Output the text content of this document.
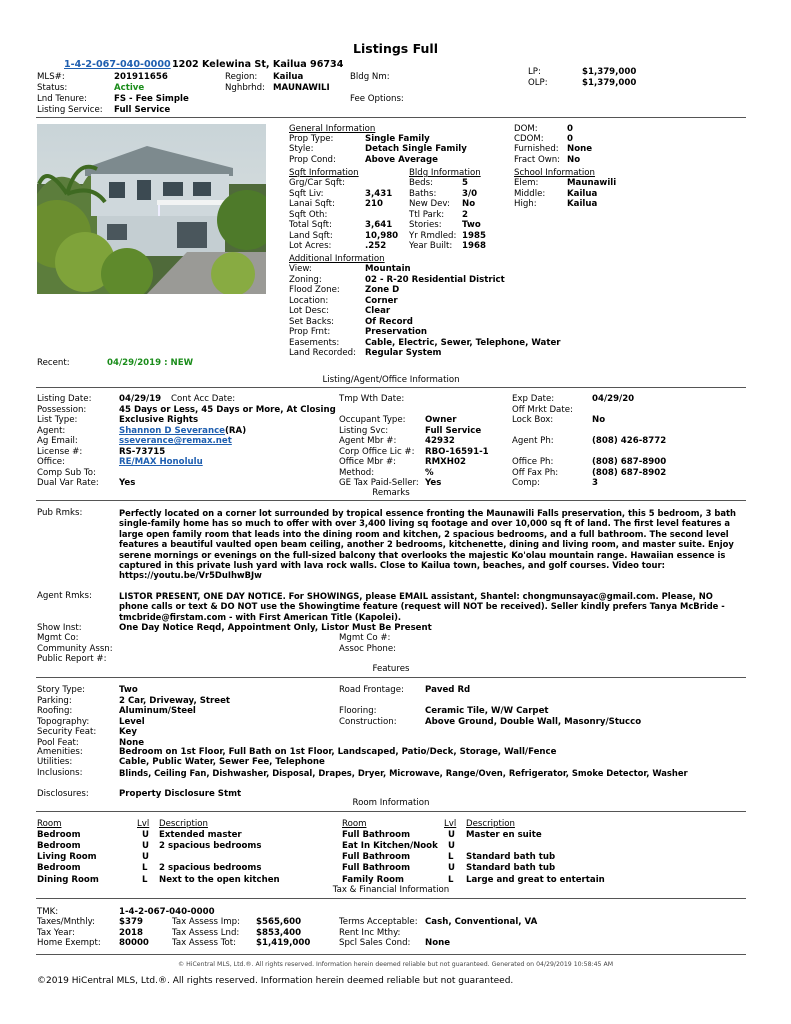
Listings Full
1-4-2-067-040-0000 1202 Kelewina St, Kailua 96734
MLS#:	201911656
Status:	Active
Lnd Tenure:	FS - Fee Simple
Listing Service: Full Service
Region: Kailua
Nghbrhd: MAUNAWILI
Bldg Nm:
Fee Options:
LP:	$1,379,000
OLP:	$1,379,000
General Information
Prop Type:	Single Family
Style:	Detach Single Family
Prop Cond:	Above Average
DOM:	0
CDOM:	0
Furnished: None
Fract Own: No
School Information
Elem:	Maunawili
Middle:	Kailua
High:	Kailua
Sqft Information
Grg/Car Sqft:
Sqft Liv:	3,431
Lanai Sqft:	210
Sqft Oth:
Total Sqft:	3,641
Land Sqft:	10,980
Lot Acres:	.252
Bldg Information
Beds:	5
Baths:	3/0
New Dev: No
Ttl Park: 2
Stories: Two
Yr Rmdled: 1985
Year Built: 1968
Additional Information
View:	Mountain
Zoning:	02 - R-20 Residential District
Flood Zone:	Zone D
Location:	Corner
Lot Desc:	Clear
Set Backs:	Of Record
Prop Frnt:	Preservation
Easements:	Cable, Electric, Sewer, Telephone, Water
Land Recorded: Regular System
Recent:	04/29/2019 : NEW
Listing/Agent/Office Information
Listing Date:	04/29/19 Cont Acc Date:
Possession:	45 Days or Less, 45 Days or More, At Closing
List Type:	Exclusive Rights
Agent:	Shannon D Severance (RA)
Ag Email:	sseverance@remax.net
License #:	RS-73715
Office:	RE/MAX Honolulu
Comp Sub To:
Dual Var Rate: Yes
Tmp Wth Date:
Occupant Type: Owner
Listing Svc:	Full Service
Agent Mbr #:	42932
Corp Office Lic #: RBO-16591-1
Office Mbr #:	RMXH02
Method:	%
GE Tax Paid-Seller: Yes
Exp Date:	04/29/20
Off Mrkt Date:
Lock Box:	No
Agent Ph:	(808) 426-8772
Office Ph:	(808) 687-8900
Off Fax Ph:	(808) 687-8902
Comp:	3
Remarks
Pub Rmks:	Perfectly located on a corner lot surrounded by tropical essence fronting the Maunawili Falls preservation, this 5 bedroom, 3 bath single-family home has so much to offer with over 3,400 living sq footage and over 10,000 sq ft of land. The first level features a large open family room that leads into the dining room and kitchen, 2 spacious bedrooms, and a full bathroom. The second level features a beautiful vaulted open beam ceiling, another 2 bedrooms, kitchenette, dining and living room, and master suite. Enjoy serene mornings or evenings on the full-sized balcony that overlooks the majestic Ko'olau mountain range. Hawaiian essence is captured in this private lush yard with lava rock walls. Close to Kailua town, beaches, and golf courses. Video tour: https://youtu.be/Vr5DuIhwBJw
Agent Rmks:	LISTOR PRESENT, ONE DAY NOTICE. For SHOWINGS, please EMAIL assistant, Shantel: chongmunsayac@gmail.com. Please, NO phone calls or text & DO NOT use the Showingtime feature (request will NOT be received). Seller kindly prefers Tanya McBride - tmcbride@firstam.com - with First American Title (Kapolei).
Show Inst:	One Day Notice Reqd, Appointment Only, Listor Must Be Present
Mgmt Co:	Mgmt Co #:
Community Assn:	Assoc Phone:
Public Report #:
Features
Story Type:	Two
Parking:	2 Car, Driveway, Street
Roofing:	Aluminum/Steel
Topography:	Level
Security Feat:	Key
Pool Feat:	None
Road Frontage: Paved Rd
Flooring:	Ceramic Tile, W/W Carpet
Construction:	Above Ground, Double Wall, Masonry/Stucco
Amenities:	Bedroom on 1st Floor, Full Bath on 1st Floor, Landscaped, Patio/Deck, Storage, Wall/Fence
Utilities:	Cable, Public Water, Sewer Fee, Telephone
Inclusions:	Blinds, Ceiling Fan, Dishwasher, Disposal, Drapes, Dryer, Microwave, Range/Oven, Refrigerator, Smoke Detector, Washer
Disclosures:	Property Disclosure Stmt
Room Information
Room	Lvl Description
Bedroom	U Extended master
Bedroom	U 2 spacious bedrooms
Living Room	U
Bedroom	L 2 spacious bedrooms
Dining Room	L Next to the open kitchen
Room	Lvl Description
Full Bathroom	U Master en suite
Eat In Kitchen/Nook U
Full Bathroom	L Standard bath tub
Full Bathroom	U Standard bath tub
Family Room	L Large and great to entertain
Tax & Financial Information
TMK:	1-4-2-067-040-0000
Taxes/Mnthly:	$379
Tax Year:	2018
Home Exempt: 80000
Tax Assess Imp: $565,600
Tax Assess Lnd: $853,400
Tax Assess Tot: $1,419,000
Terms Acceptable: Cash, Conventional, VA
Rent Inc Mthy:
Spcl Sales Cond: None
© HiCentral MLS, Ltd.®. All rights reserved. Information herein deemed reliable but not guaranteed. Generated on 04/29/2019 10:58:45 AM
©2019 HiCentral MLS, Ltd.®. All rights reserved. Information herein deemed reliable but not guaranteed.
